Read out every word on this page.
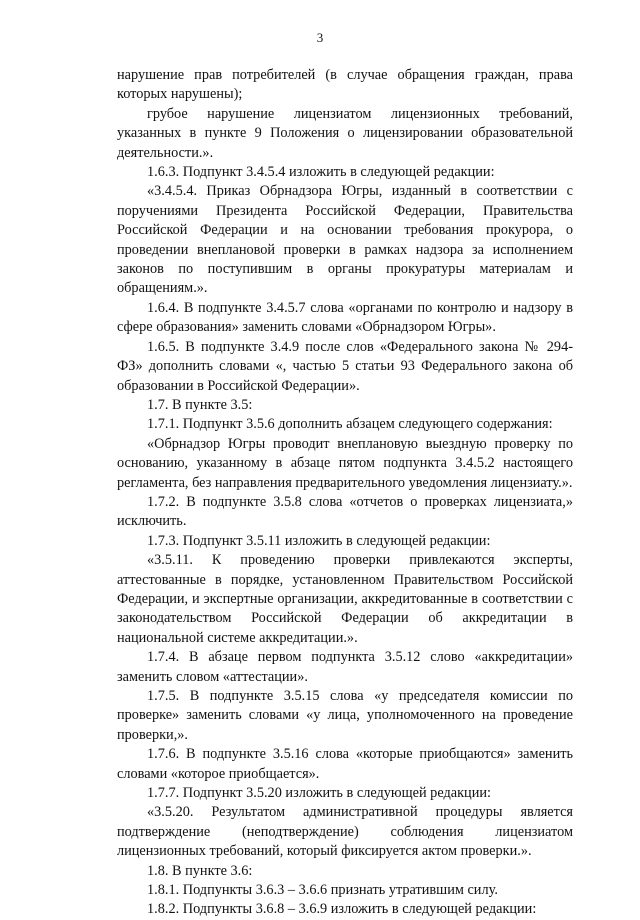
3

нарушение прав потребителей (в случае обращения граждан, права которых нарушены);

грубое нарушение лицензиатом лицензионных требований, указанных в пункте 9 Положения о лицензировании образовательной деятельности.».

1.6.3. Подпункт 3.4.5.4 изложить в следующей редакции:

«3.4.5.4. Приказ Обрнадзора Югры, изданный в соответствии с поручениями Президента Российской Федерации, Правительства Российской Федерации и на основании требования прокурора, о проведении внеплановой проверки в рамках надзора за исполнением законов по поступившим в органы прокуратуры материалам и обращениям.».

1.6.4. В подпункте 3.4.5.7 слова «органами по контролю и надзору в сфере образования» заменить словами «Обрнадзором Югры».

1.6.5. В подпункте 3.4.9 после слов «Федерального закона № 294-ФЗ» дополнить словами «, частью 5 статьи 93 Федерального закона об образовании в Российской Федерации».

1.7. В пункте 3.5:

1.7.1. Подпункт 3.5.6 дополнить абзацем следующего содержания:

«Обрнадзор Югры проводит внеплановую выездную проверку по основанию, указанному в абзаце пятом подпункта 3.4.5.2 настоящего регламента, без направления предварительного уведомления лицензиату.».

1.7.2. В подпункте 3.5.8 слова «отчетов о проверках лицензиата,» исключить.

1.7.3. Подпункт 3.5.11 изложить в следующей редакции:

«3.5.11. К проведению проверки привлекаются эксперты, аттестованные в порядке, установленном Правительством Российской Федерации, и экспертные организации, аккредитованные в соответствии с законодательством Российской Федерации об аккредитации в национальной системе аккредитации.».

1.7.4. В абзаце первом подпункта 3.5.12 слово «аккредитации» заменить словом «аттестации».

1.7.5. В подпункте 3.5.15 слова «у председателя комиссии по проверке» заменить словами «у лица, уполномоченного на проведение проверки,».

1.7.6. В подпункте 3.5.16 слова «которые приобщаются» заменить словами «которое приобщается».

1.7.7. Подпункт 3.5.20 изложить в следующей редакции:

«3.5.20. Результатом административной процедуры является подтверждение (неподтверждение) соблюдения лицензиатом лицензионных требований, который фиксируется актом проверки.».

1.8. В пункте 3.6:

1.8.1. Подпункты 3.6.3 – 3.6.6 признать утратившим силу.

1.8.2. Подпункты 3.6.8 – 3.6.9 изложить в следующей редакции:
